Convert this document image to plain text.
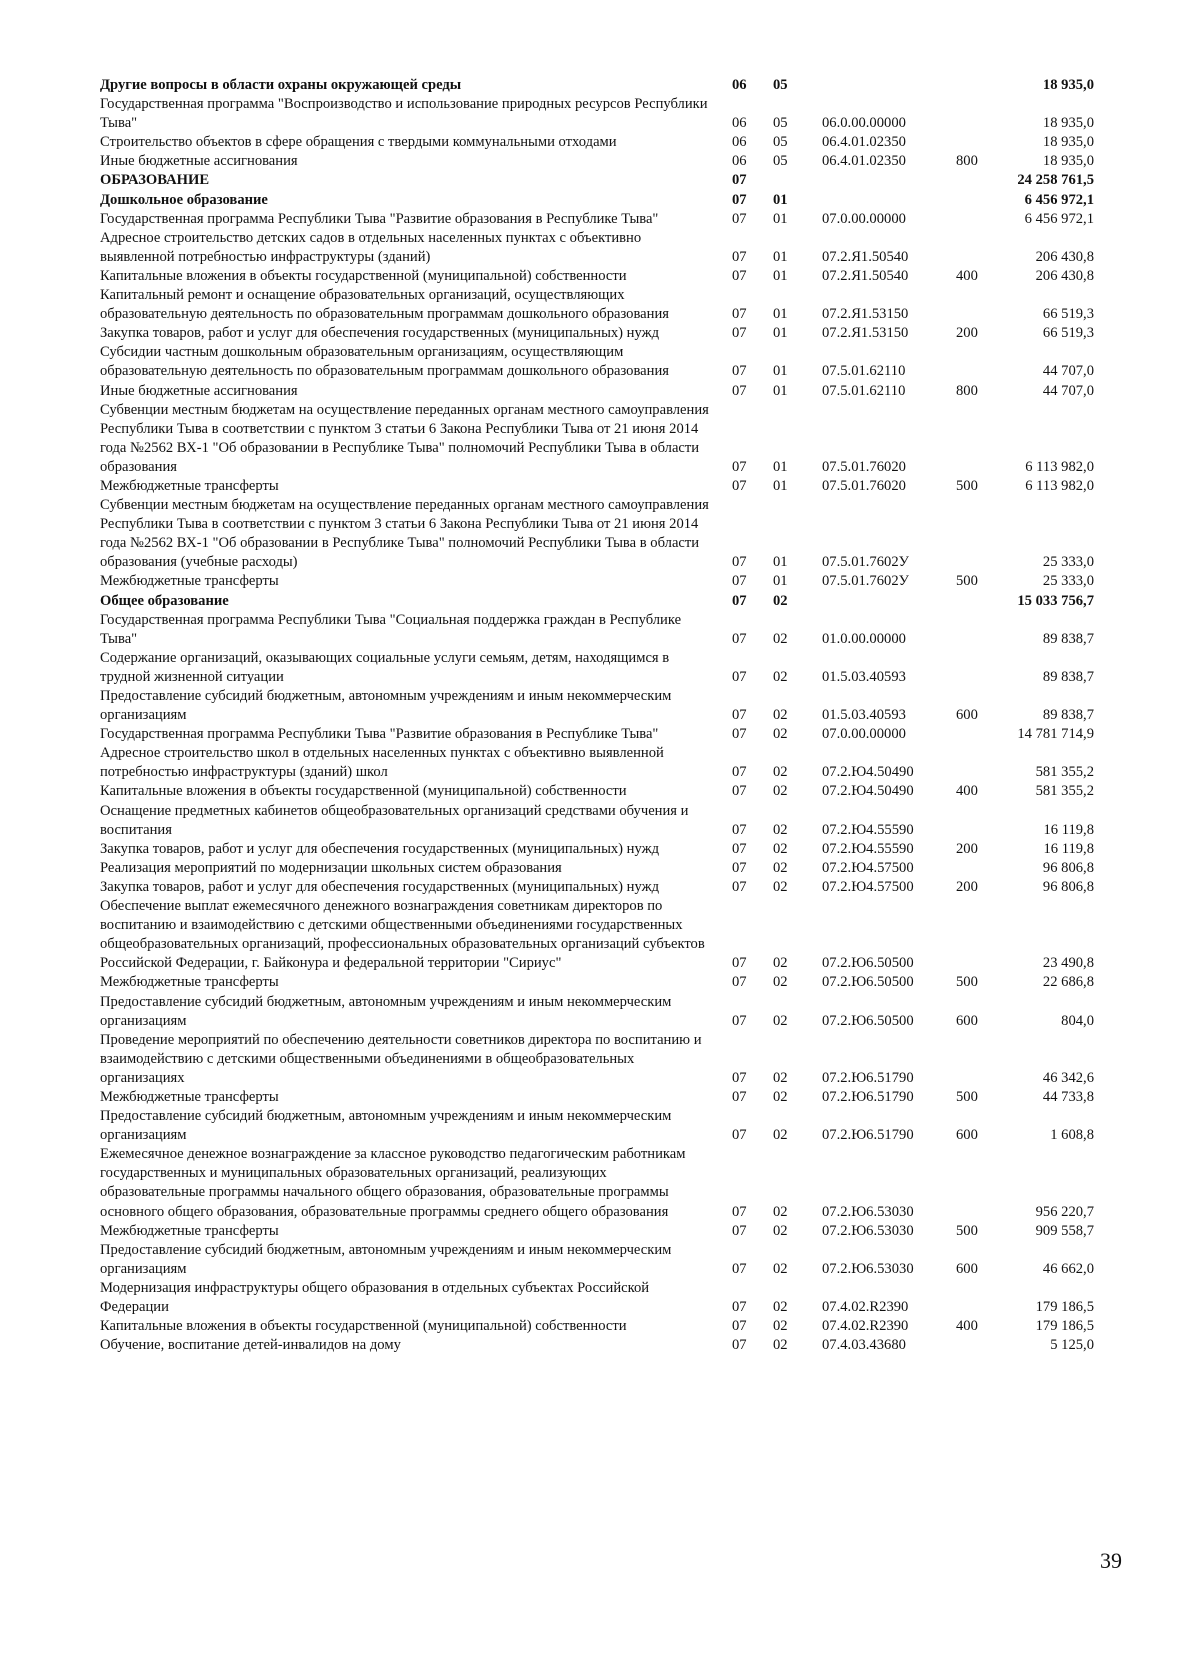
Другие вопросы в области охраны окружающей среды	06 05	18 935,0
Государственная программа "Воспроизводство и использование природных ресурсов Республики Тыва"	06 05 06.0.00.00000	18 935,0
Строительство объектов в сфере обращения с твердыми коммунальными отходами	06 05 06.4.01.02350	18 935,0
Иные бюджетные ассигнования	06 05 06.4.01.02350	800	18 935,0
ОБРАЗОВАНИЕ	07	24 258 761,5
Дошкольное образование	07 01	6 456 972,1
Государственная программа Республики Тыва "Развитие образования в Республике Тыва"	07 01 07.0.00.00000	6 456 972,1
Адресное строительство детских садов в отдельных населенных пунктах с объективно выявленной потребностью инфраструктуры (зданий)	07 01 07.2.Я1.50540	206 430,8
Капитальные вложения в объекты государственной (муниципальной) собственности	07 01 07.2.Я1.50540	400	206 430,8
Капитальный ремонт и оснащение образовательных организаций, осуществляющих образовательную деятельность по образовательным программам дошкольного образования	07 01 07.2.Я1.53150	66 519,3
Закупка товаров, работ и услуг для обеспечения государственных (муниципальных) нужд	07 01 07.2.Я1.53150	200	66 519,3
Субсидии частным дошкольным образовательным организациям, осуществляющим образовательную деятельность по образовательным программам дошкольного образования	07 01 07.5.01.62110	44 707,0
Иные бюджетные ассигнования	07 01 07.5.01.62110	800	44 707,0
Субвенции местным бюджетам на осуществление переданных органам местного самоуправления Республики Тыва в соответствии с пунктом 3 статьи 6 Закона Республики Тыва от 21 июня 2014 года №2562 ВХ-1 "Об образовании в Республике Тыва" полномочий Республики Тыва в области образования	07 01 07.5.01.76020	6 113 982,0
Межбюджетные трансферты	07 01 07.5.01.76020	500	6 113 982,0
Субвенции местным бюджетам на осуществление переданных органам местного самоуправления Республики Тыва в соответствии с пунктом 3 статьи 6 Закона Республики Тыва от 21 июня 2014 года №2562 ВХ-1 "Об образовании в Республике Тыва" полномочий Республики Тыва в области образования (учебные расходы)	07 01 07.5.01.7602У	25 333,0
Межбюджетные трансферты	07 01 07.5.01.7602У	500	25 333,0
Общее образование	07 02	15 033 756,7
Государственная программа Республики Тыва "Социальная поддержка граждан в Республике Тыва"	07 02 01.0.00.00000	89 838,7
Содержание организаций, оказывающих социальные услуги семьям, детям, находящимся в трудной жизненной ситуации	07 02 01.5.03.40593	89 838,7
Предоставление субсидий бюджетным, автономным учреждениям и иным некоммерческим организациям	07 02 01.5.03.40593	600	89 838,7
Государственная программа Республики Тыва "Развитие образования в Республике Тыва"	07 02 07.0.00.00000	14 781 714,9
Адресное строительство школ в отдельных населенных пунктах с объективно выявленной потребностью инфраструктуры (зданий) школ	07 02 07.2.Ю4.50490	581 355,2
Капитальные вложения в объекты государственной (муниципальной) собственности	07 02 07.2.Ю4.50490	400	581 355,2
Оснащение предметных кабинетов общеобразовательных организаций средствами обучения и воспитания	07 02 07.2.Ю4.55590	16 119,8
Закупка товаров, работ и услуг для обеспечения государственных (муниципальных) нужд	07 02 07.2.Ю4.55590	200	16 119,8
Реализация мероприятий по модернизации школьных систем образования	07 02 07.2.Ю4.57500	96 806,8
Закупка товаров, работ и услуг для обеспечения государственных (муниципальных) нужд	07 02 07.2.Ю4.57500	200	96 806,8
Обеспечение выплат ежемесячного денежного вознаграждения советникам директоров по воспитанию и взаимодействию с детскими общественными объединениями государственных общеобразовательных организаций, профессиональных образовательных организаций субъектов Российской Федерации, г. Байконура и федеральной территории "Сириус"	07 02 07.2.Ю6.50500	23 490,8
Межбюджетные трансферты	07 02 07.2.Ю6.50500	500	22 686,8
Предоставление субсидий бюджетным, автономным учреждениям и иным некоммерческим организациям	07 02 07.2.Ю6.50500	600	804,0
Проведение мероприятий по обеспечению деятельности советников директора по воспитанию и взаимодействию с детскими общественными объединениями в общеобразовательных организациях	07 02 07.2.Ю6.51790	46 342,6
Межбюджетные трансферты	07 02 07.2.Ю6.51790	500	44 733,8
Предоставление субсидий бюджетным, автономным учреждениям и иным некоммерческим организациям	07 02 07.2.Ю6.51790	600	1 608,8
Ежемесячное денежное вознаграждение за классное руководство педагогическим работникам государственных и муниципальных образовательных организаций, реализующих образовательные программы начального общего образования, образовательные программы основного общего образования, образовательные программы среднего общего образования	07 02 07.2.Ю6.53030	956 220,7
Межбюджетные трансферты	07 02 07.2.Ю6.53030	500	909 558,7
Предоставление субсидий бюджетным, автономным учреждениям и иным некоммерческим организациям	07 02 07.2.Ю6.53030	600	46 662,0
Модернизация инфраструктуры общего образования в отдельных субъектах Российской Федерации	07 02 07.4.02.R2390	179 186,5
Капитальные вложения в объекты государственной (муниципальной) собственности	07 02 07.4.02.R2390	400	179 186,5
Обучение, воспитание детей-инвалидов на дому	07 02 07.4.03.43680	5 125,0
39
